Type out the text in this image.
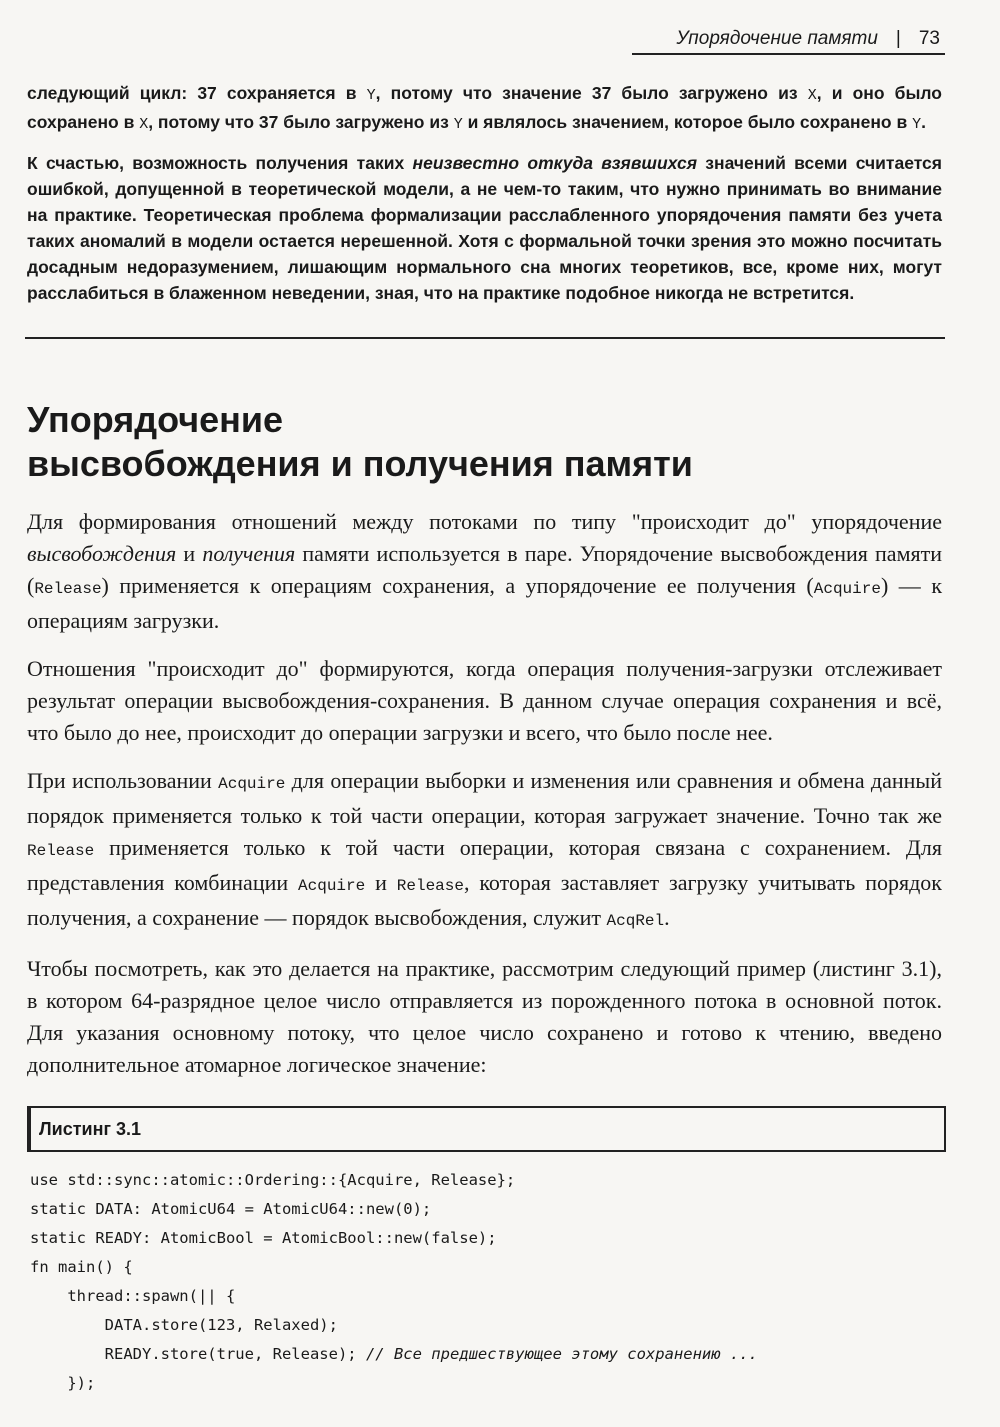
Упорядочение памяти | 73

следующий цикл: 37 сохраняется в Y, потому что значение 37 было загружено из X, и оно было сохранено в X, потому что 37 было загружено из Y и являлось значением, которое было сохранено в Y.

К счастью, возможность получения таких неизвестно откуда взявшихся значений всеми считается ошибкой, допущенной в теоретической модели, а не чем-то таким, что нужно принимать во внимание на практике. Теоретическая проблема формализации расслабленного упорядочения памяти без учета таких аномалий в модели остается нерешенной. Хотя с формальной точки зрения это можно посчитать досадным недоразумением, лишающим нормального сна многих теоретиков, все, кроме них, могут расслабиться в блаженном неведении, зная, что на практике подобное никогда не встретится.

Упорядочение
высвобождения и получения памяти

Для формирования отношений между потоками по типу "происходит до" упорядочение высвобождения и получения памяти используется в паре. Упорядочение высвобождения памяти (Release) применяется к операциям сохранения, а упорядочение ее получения (Acquire) — к операциям загрузки.

Отношения "происходит до" формируются, когда операция получения-загрузки отслеживает результат операции высвобождения-сохранения. В данном случае операция сохранения и всё, что было до нее, происходит до операции загрузки и всего, что было после нее.

При использовании Acquire для операции выборки и изменения или сравнения и обмена данный порядок применяется только к той части операции, которая загружает значение. Точно так же Release применяется только к той части операции, которая связана с сохранением. Для представления комбинации Acquire и Release, которая заставляет загрузку учитывать порядок получения, а сохранение — порядок высвобождения, служит AcqRel.

Чтобы посмотреть, как это делается на практике, рассмотрим следующий пример (листинг 3.1), в котором 64-разрядное целое число отправляется из порожденного потока в основной поток. Для указания основному потоку, что целое число сохранено и готово к чтению, введено дополнительное атомарное логическое значение:

Листинг 3.1
use std::sync::atomic::Ordering::{Acquire, Release};
static DATA: AtomicU64 = AtomicU64::new(0);
static READY: AtomicBool = AtomicBool::new(false);
fn main() {
thread::spawn(|| {
DATA.store(123, Relaxed);
READY.store(true, Release); // Все предшествующее этому сохранению ...
});
